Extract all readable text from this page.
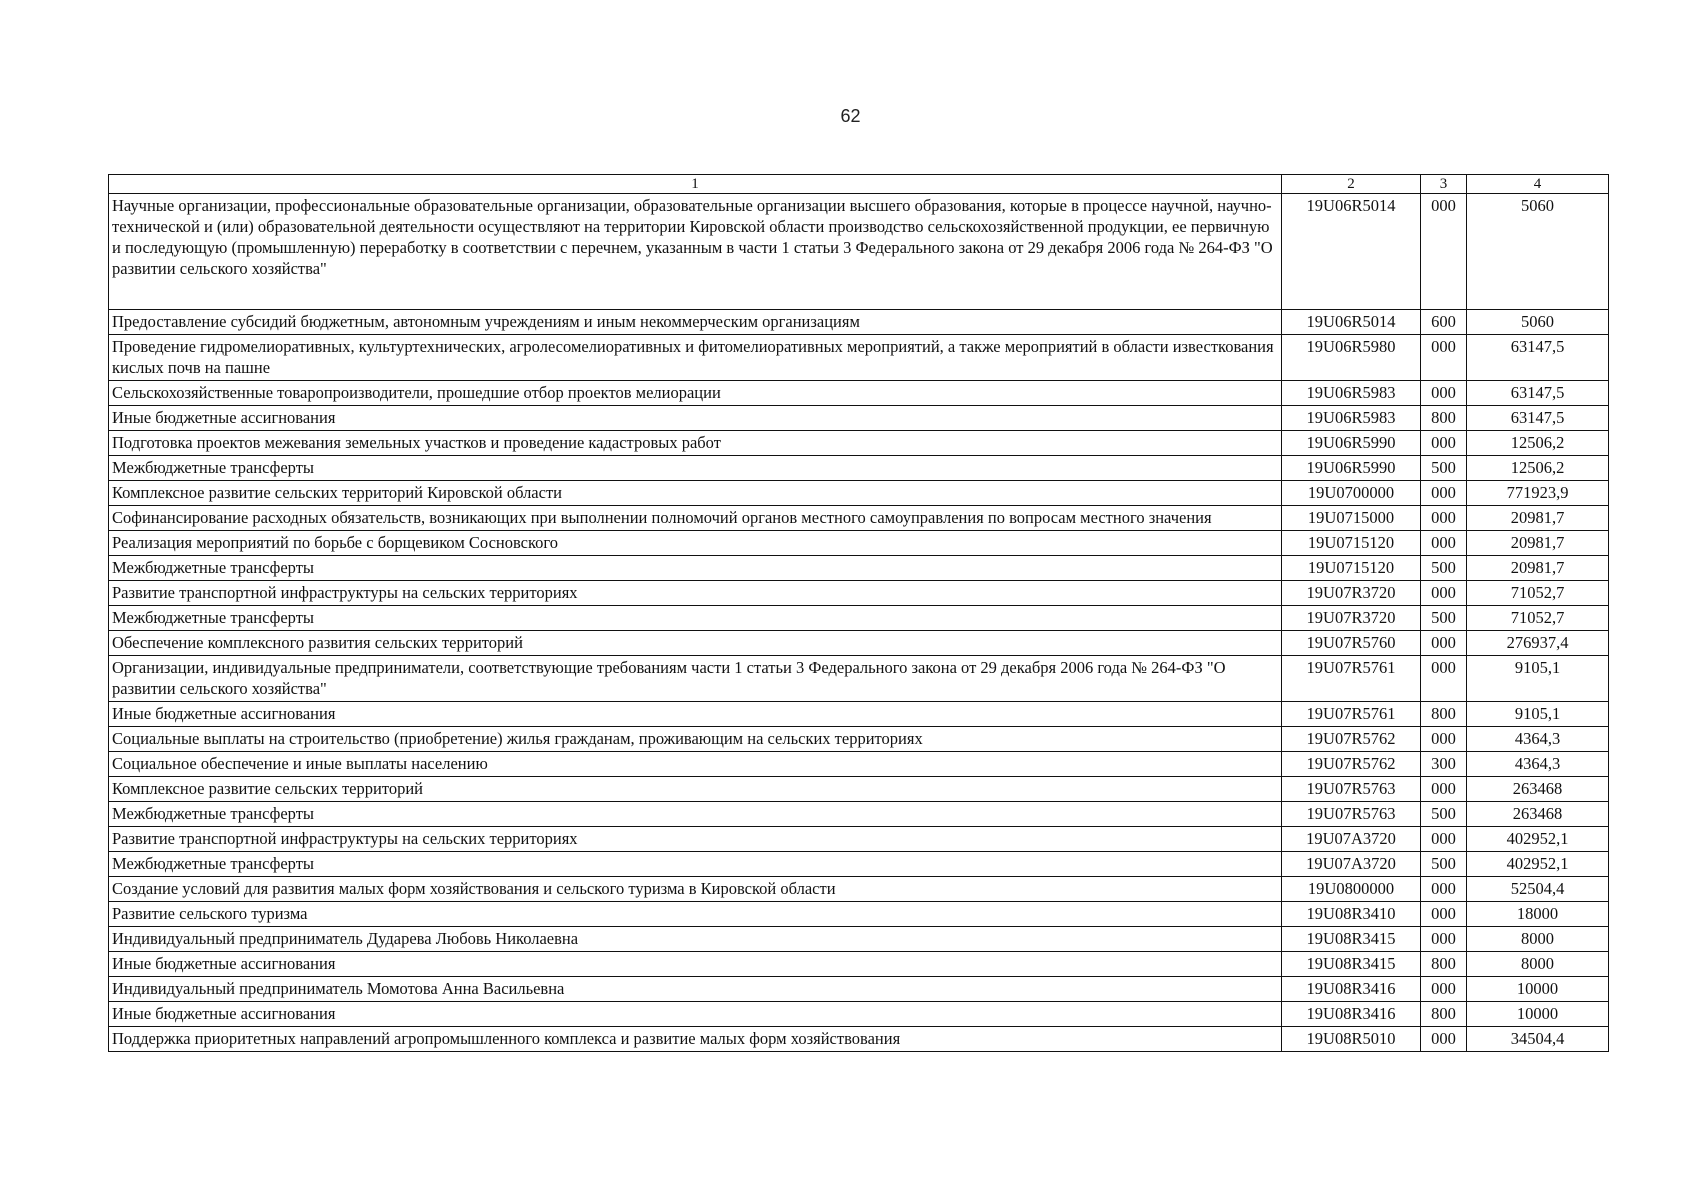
62
1	2	3	4
Научные организации, профессиональные образовательные организации, образовательные организации высшего образования, которые в процессе научной, научно-технической и (или) образовательной деятельности осуществляют на территории Кировской области производство сельскохозяйственной продукции, ее первичную и последующую (промышленную) переработку в соответствии с перечнем, указанным в части 1 статьи 3 Федерального закона от 29 декабря 2006 года № 264-ФЗ "О развитии сельского хозяйства"	19U06R5014	000	5060
Предоставление субсидий бюджетным, автономным учреждениям и иным некоммерческим организациям	19U06R5014	600	5060
Проведение гидромелиоративных, культуртехнических, агролесомелиоративных и фитомелиоративных мероприятий, а также мероприятий в области известкования кислых почв на пашне	19U06R5980	000	63147,5
Сельскохозяйственные товаропроизводители, прошедшие отбор проектов мелиорации	19U06R5983	000	63147,5
Иные бюджетные ассигнования	19U06R5983	800	63147,5
Подготовка проектов межевания земельных участков и проведение кадастровых работ	19U06R5990	000	12506,2
Межбюджетные трансферты	19U06R5990	500	12506,2
Комплексное развитие сельских территорий Кировской области	19U0700000	000	771923,9
Софинансирование расходных обязательств, возникающих при выполнении полномочий органов местного самоуправления по вопросам местного значения	19U0715000	000	20981,7
Реализация мероприятий по борьбе с борщевиком Сосновского	19U0715120	000	20981,7
Межбюджетные трансферты	19U0715120	500	20981,7
Развитие транспортной инфраструктуры на сельских территориях	19U07R3720	000	71052,7
Межбюджетные трансферты	19U07R3720	500	71052,7
Обеспечение комплексного развития сельских территорий	19U07R5760	000	276937,4
Организации, индивидуальные предприниматели, соответствующие требованиям части 1 статьи 3 Федерального закона от 29 декабря 2006 года № 264-ФЗ "О развитии сельского хозяйства"	19U07R5761	000	9105,1
Иные бюджетные ассигнования	19U07R5761	800	9105,1
Социальные выплаты на строительство (приобретение) жилья гражданам, проживающим на сельских территориях	19U07R5762	000	4364,3
Социальное обеспечение и иные выплаты населению	19U07R5762	300	4364,3
Комплексное развитие сельских территорий	19U07R5763	000	263468
Межбюджетные трансферты	19U07R5763	500	263468
Развитие транспортной инфраструктуры на сельских территориях	19U07A3720	000	402952,1
Межбюджетные трансферты	19U07A3720	500	402952,1
Создание условий для развития малых форм хозяйствования и сельского туризма в Кировской области	19U0800000	000	52504,4
Развитие сельского туризма	19U08R3410	000	18000
Индивидуальный предприниматель Дударева Любовь Николаевна	19U08R3415	000	8000
Иные бюджетные ассигнования	19U08R3415	800	8000
Индивидуальный предприниматель Момотова Анна Васильевна	19U08R3416	000	10000
Иные бюджетные ассигнования	19U08R3416	800	10000
Поддержка приоритетных направлений агропромышленного комплекса и развитие малых форм хозяйствования	19U08R5010	000	34504,4
